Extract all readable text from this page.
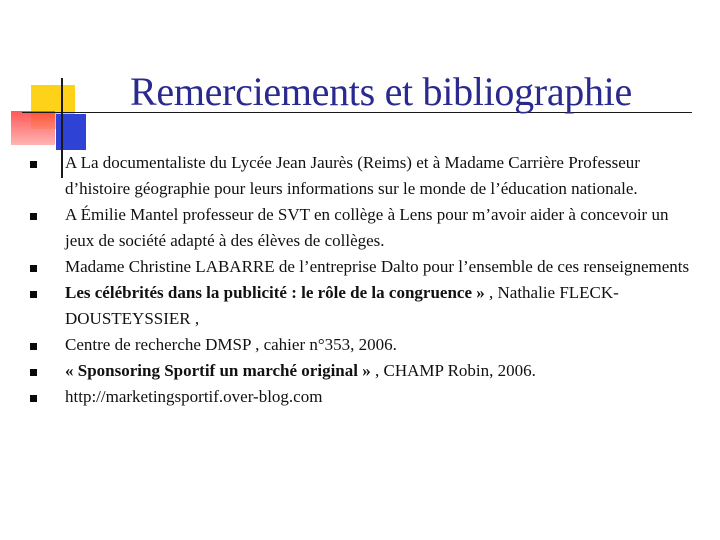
Remerciements et bibliographie
A La documentaliste du Lycée Jean Jaurès (Reims) et à Madame Carrière Professeur d’histoire géographie pour leurs informations sur le monde de l’éducation nationale.
A Émilie Mantel professeur de SVT en collège à Lens pour m’avoir aider à concevoir un jeux de société adapté à des élèves de collèges.
Madame Christine LABARRE de l’entreprise Dalto pour l’ensemble de ces renseignements
Les célébrités dans la publicité : le rôle de la congruence » , Nathalie FLECK-DOUSTEYSSIER ,
Centre de recherche DMSP , cahier n°353, 2006.
« Sponsoring Sportif un marché original » , CHAMP Robin, 2006.
http://marketingsportif.over-blog.com
